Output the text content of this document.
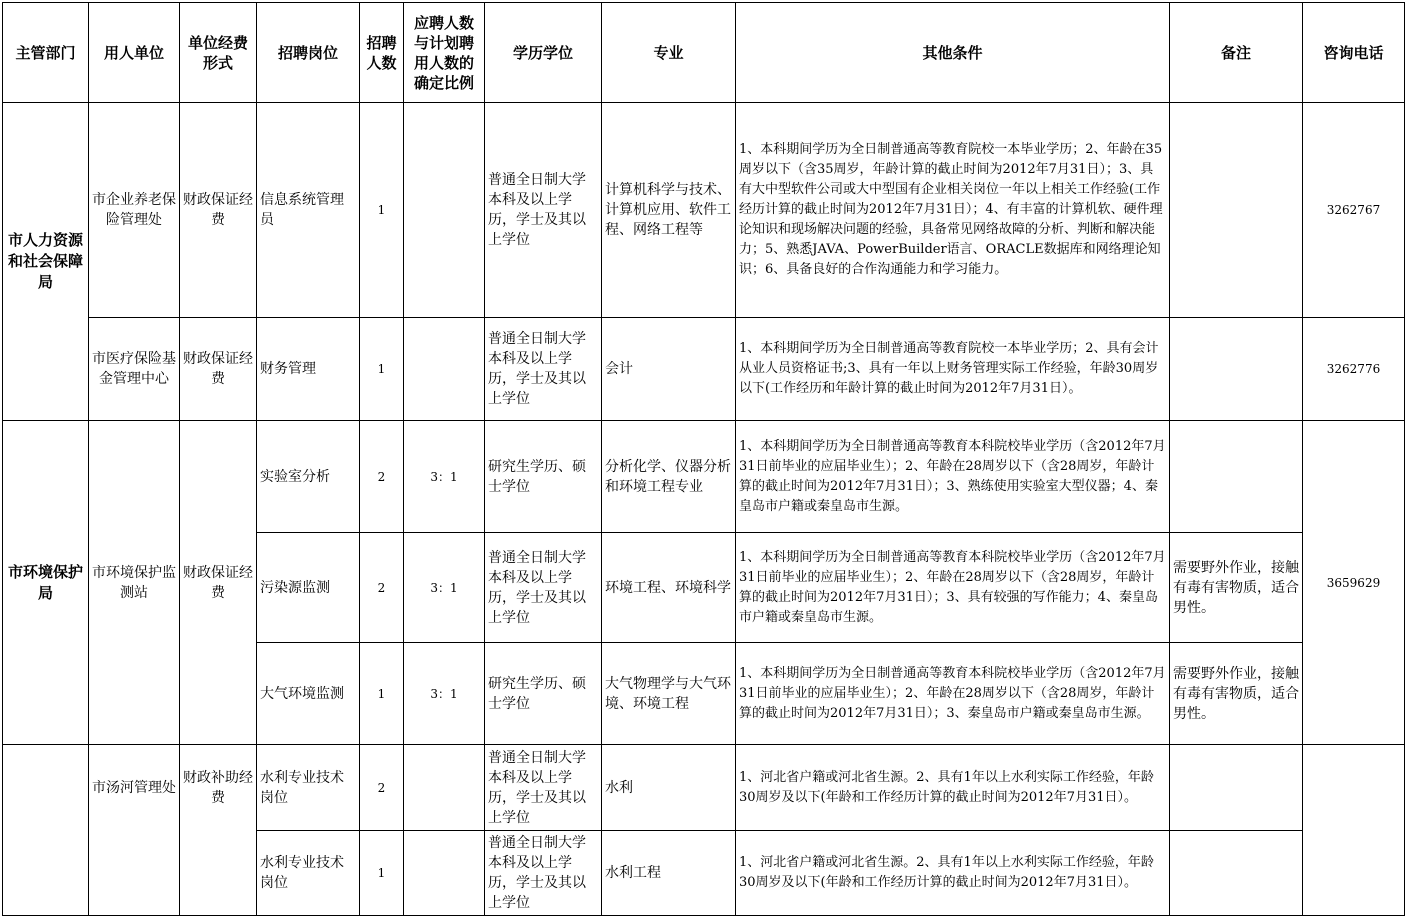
主管部门	用人单位	单位经费形式	招聘岗位	招聘人数	应聘人数与计划聘用人数的确定比例	学历学位	专业	其他条件	备注	咨询电话
市人力资源和社会保障局	市企业养老保险管理处	财政保证经费	信息系统管理员	1		普通全日制大学本科及以上学历，学士及其以上学位	计算机科学与技术、计算机应用、软件工程、网络工程等	1、本科期间学历为全日制普通高等教育院校一本毕业学历；2、年龄在35周岁以下（含35周岁，年龄计算的截止时间为2012年7月31日）；3、具有大中型软件公司或大中型国有企业相关岗位一年以上相关工作经验(工作经历计算的截止时间为2012年7月31日）；4、有丰富的计算机软、硬件理论知识和现场解决问题的经验，具备常见网络故障的分析、判断和解决能力；5、熟悉JAVA、PowerBuilder语言、ORACLE数据库和网络理论知识；6、具备良好的合作沟通能力和学习能力。		3262767
	市医疗保险基金管理中心	财政保证经费	财务管理	1		普通全日制大学本科及以上学历，学士及其以上学位	会计	1、本科期间学历为全日制普通高等教育院校一本毕业学历；2、具有会计从业人员资格证书;3、具有一年以上财务管理实际工作经验，年龄30周岁以下(工作经历和年龄计算的截止时间为2012年7月31日）。		3262776
市环境保护局	市环境保护监测站	财政保证经费	实验室分析	2	3：1	研究生学历、硕士学位	分析化学、仪器分析和环境工程专业	1、本科期间学历为全日制普通高等教育本科院校毕业学历（含2012年7月31日前毕业的应届毕业生）；2、年龄在28周岁以下（含28周岁，年龄计算的截止时间为2012年7月31日）；3、熟练使用实验室大型仪器；4、秦皇岛市户籍或秦皇岛市生源。		3659629
			污染源监测	2	3：1	普通全日制大学本科及以上学历，学士及其以上学位	环境工程、环境科学	1、本科期间学历为全日制普通高等教育本科院校毕业学历（含2012年7月31日前毕业的应届毕业生）；2、年龄在28周岁以下（含28周岁，年龄计算的截止时间为2012年7月31日）；3、具有较强的写作能力；4、秦皇岛市户籍或秦皇岛市生源。	需要野外作业，接触有毒有害物质，适合男性。	
			大气环境监测	1	3：1	研究生学历、硕士学位	大气物理学与大气环境、环境工程	1、本科期间学历为全日制普通高等教育本科院校毕业学历（含2012年7月31日前毕业的应届毕业生）；2、年龄在28周岁以下（含28周岁，年龄计算的截止时间为2012年7月31日）；3、秦皇岛市户籍或秦皇岛市生源。	需要野外作业，接触有毒有害物质，适合男性。	
	市汤河管理处	财政补助经费	水利专业技术岗位	2		普通全日制大学本科及以上学历，学士及其以上学位	水利	1、河北省户籍或河北省生源。2、具有1年以上水利实际工作经验，年龄30周岁及以下(年龄和工作经历计算的截止时间为2012年7月31日）。		
			水利专业技术岗位	1		普通全日制大学本科及以上学历，学士及其以上学位	水利工程	1、河北省户籍或河北省生源。2、具有1年以上水利实际工作经验，年龄30周岁及以下(年龄和工作经历计算的截止时间为2012年7月31日）。		
